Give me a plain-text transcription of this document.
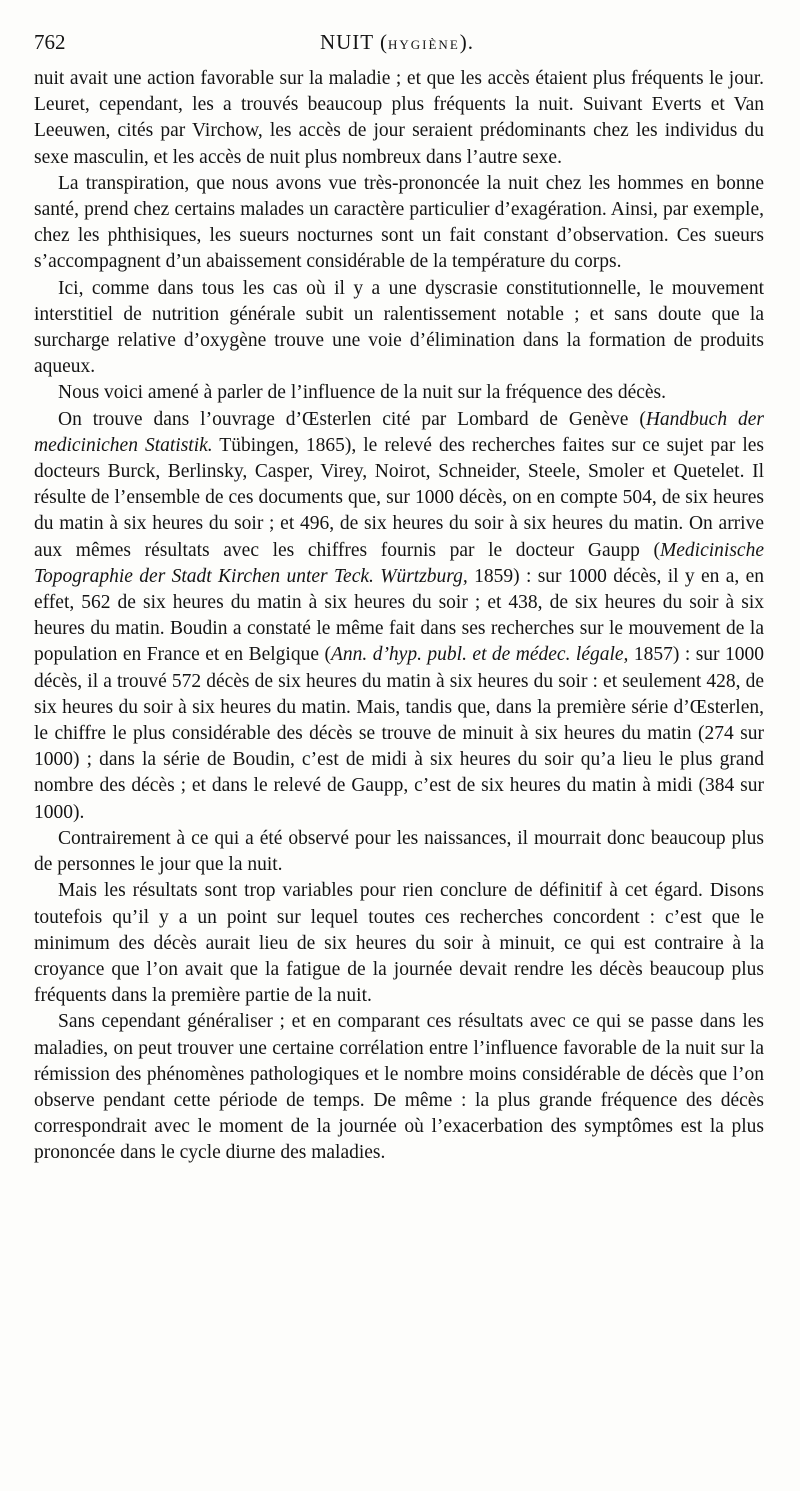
762	NUIT (HYGIÈNE).

nuit avait une action favorable sur la maladie ; et que les accès étaient plus fréquents le jour. Leuret, cependant, les a trouvés beaucoup plus fréquents la nuit. Suivant Everts et Van Leeuwen, cités par Virchow, les accès de jour seraient prédominants chez les individus du sexe masculin, et les accès de nuit plus nombreux dans l’autre sexe.

La transpiration, que nous avons vue très-prononcée la nuit chez les hommes en bonne santé, prend chez certains malades un caractère particulier d’exagération. Ainsi, par exemple, chez les phthisiques, les sueurs nocturnes sont un fait constant d’observation. Ces sueurs s’accompagnent d’un abaissement considérable de la température du corps.

Ici, comme dans tous les cas où il y a une dyscrasie constitutionnelle, le mouvement interstitiel de nutrition générale subit un ralentissement notable ; et sans doute que la surcharge relative d’oxygène trouve une voie d’élimination dans la formation de produits aqueux.

Nous voici amené à parler de l’influence de la nuit sur la fréquence des décès.

On trouve dans l’ouvrage d’Œsterlen cité par Lombard de Genève (Handbuch der medicinichen Statistik. Tübingen, 1865), le relevé des recherches faites sur ce sujet par les docteurs Burck, Berlinsky, Casper, Virey, Noirot, Schneider, Steele, Smoler et Quetelet. Il résulte de l’ensemble de ces documents que, sur 1000 décès, on en compte 504, de six heures du matin à six heures du soir ; et 496, de six heures du soir à six heures du matin. On arrive aux mêmes résultats avec les chiffres fournis par le docteur Gaupp (Medicinische Topographie der Stadt Kirchen unter Teck. Würtzburg, 1859) : sur 1000 décès, il y en a, en effet, 562 de six heures du matin à six heures du soir ; et 438, de six heures du soir à six heures du matin. Boudin a constaté le même fait dans ses recherches sur le mouvement de la population en France et en Belgique (Ann. d’hyp. publ. et de médec. légale, 1857) : sur 1000 décès, il a trouvé 572 décès de six heures du matin à six heures du soir : et seulement 428, de six heures du soir à six heures du matin. Mais, tandis que, dans la première série d’Œsterlen, le chiffre le plus considérable des décès se trouve de minuit à six heures du matin (274 sur 1000) ; dans la série de Boudin, c’est de midi à six heures du soir qu’a lieu le plus grand nombre des décès ; et dans le relevé de Gaupp, c’est de six heures du matin à midi (384 sur 1000).

Contrairement à ce qui a été observé pour les naissances, il mourrait donc beaucoup plus de personnes le jour que la nuit.

Mais les résultats sont trop variables pour rien conclure de définitif à cet égard. Disons toutefois qu’il y a un point sur lequel toutes ces recherches concordent : c’est que le minimum des décès aurait lieu de six heures du soir à minuit, ce qui est contraire à la croyance que l’on avait que la fatigue de la journée devait rendre les décès beaucoup plus fréquents dans la première partie de la nuit.

Sans cependant généraliser ; et en comparant ces résultats avec ce qui se passe dans les maladies, on peut trouver une certaine corrélation entre l’influence favorable de la nuit sur la rémission des phénomènes pathologiques et le nombre moins considérable de décès que l’on observe pendant cette période de temps. De même : la plus grande fréquence des décès correspondrait avec le moment de la journée où l’exacerbation des symptômes est la plus prononcée dans le cycle diurne des maladies.
